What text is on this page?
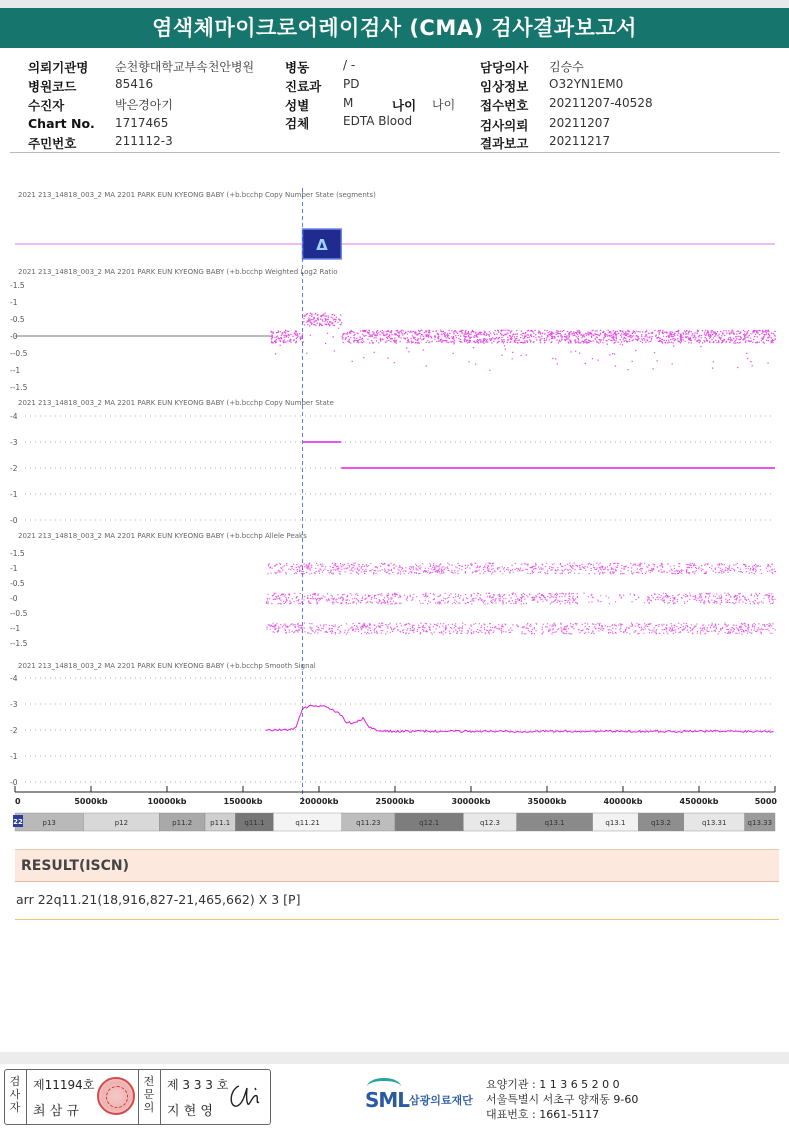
염색체마이크로어레이검사 (CMA) 검사결과보고서
의뢰기관명 순천향대학교부속천안병원
병원코드	85416
수진자	박은경아기
Chart No. 1717465
주민번호	211112-3
병동	/ -
진료과 PD
성별	M	나이 나이
검체	EDTA Blood
담당의사 김승수
임상정보 O32YN1EM0
접수번호 20211207-40528
검사의뢰 20211207
결과보고 20211217
2021 213_14818_003_2 MA 2201 PARK EUN KYEONG BABY (+b.bcchp Copy Number State (segments)
Δ
2021 213_14818_003_2 MA 2201 PARK EUN KYEONG BABY (+b.bcchp Weighted Log2 Ratio
-1.5
-1
-0.5
-0
--0.5
--1
--1.5
2021 213_14818_003_2 MA 2201 PARK EUN KYEONG BABY (+b.bcchp Copy Number State
-4
-3
-2
-1
-0
2021 213_14818_003_2 MA 2201 PARK EUN KYEONG BABY (+b.bcchp Allele Peaks
-1.5
-1
-0.5
-0
--0.5
--1
--1.5
2021 213_14818_003_2 MA 2201 PARK EUN KYEONG BABY (+b.bcchp Smooth Signal
-4
-3
-2
-1
-0
0	5000kb	10000kb	15000kb	20000kb	25000kb	30000kb	35000kb	40000kb	45000kb	5000
p13	p12	p11.2	p11.1 q11.1	q11.21	q11.23	q12.1	q12.3	q13.1	q13.1	q13.2	q13.31	q13.33
22
RESULT(ISCN)
arr 22q11.21(18,916,827-21,465,662) X 3 [P]
검사자
제11194호
최 삼 규
전문의
제 3 3 3 호
지 현 영	SML 삼광의료재단
요양기관 : 1 1 3 6 5 2 0 0
서울특별시 서초구 양재동 9-60
대표번호 : 1661-5117
